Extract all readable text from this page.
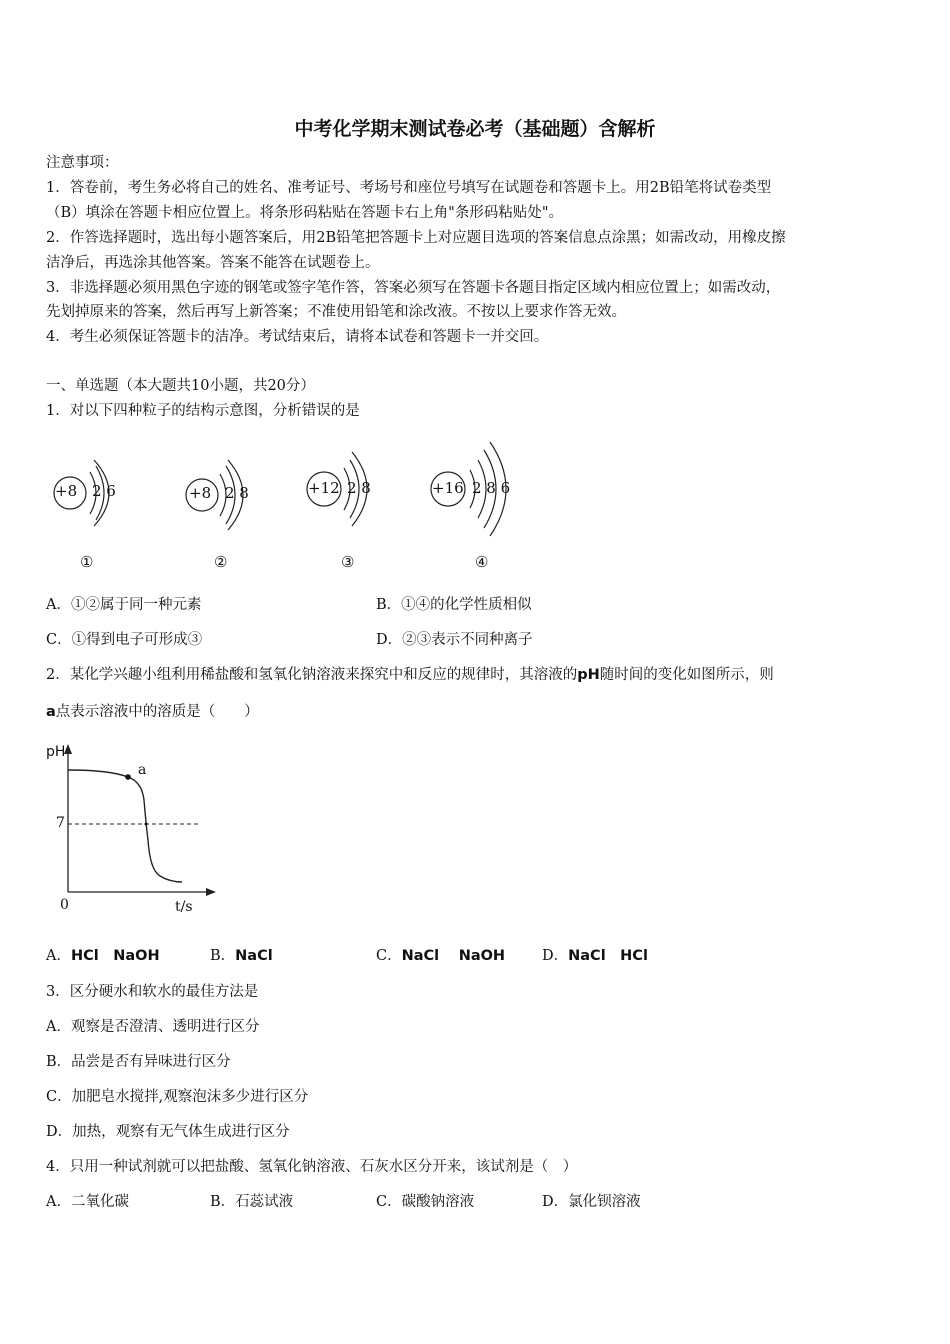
中考化学期末测试卷必考（基础题）含解析
注意事项：
1．答卷前，考生务必将自己的姓名、准考证号、考场号和座位号填写在试题卷和答题卡上。用2B铅笔将试卷类型
（B）填涂在答题卡相应位置上。将条形码粘贴在答题卡右上角"条形码粘贴处"。
2．作答选择题时，选出每小题答案后，用2B铅笔把答题卡上对应题目选项的答案信息点涂黑；如需改动，用橡皮擦
洁净后，再选涂其他答案。答案不能答在试题卷上。
3．非选择题必须用黑色字迹的钢笔或签字笔作答，答案必须写在答题卡各题目指定区域内相应位置上；如需改动，
先划掉原来的答案，然后再写上新答案；不准使用铅笔和涂改液。不按以上要求作答无效。
4．考生必须保证答题卡的洁净。考试结束后，请将本试卷和答题卡一并交回。
一、单选题（本大题共10小题，共20分）
1．对以下四种粒子的结构示意图，分析错误的是
+8 2 6
①
+8 2 8
②
+12 2 8
③
+16 2 8 6
④
A．①②属于同一种元素	B．①④的化学性质相似
C．①得到电子可形成③	D．②③表示不同种离子
2．某化学兴趣小组利用稀盐酸和氢氧化钠溶液来探究中和反应的规律时，其溶液的pH随时间的变化如图所示，则
a点表示溶液中的溶质是（　　）
pH
a
7
0	t/s
A．HCl　NaOH	B．NaCl	C．NaCl　 NaOH	D．NaCl　HCl
3．区分硬水和软水的最佳方法是
A．观察是否澄清、透明进行区分
B．品尝是否有异味进行区分
C．加肥皂水搅拌,观察泡沫多少进行区分
D．加热，观察有无气体生成进行区分
4．只用一种试剂就可以把盐酸、氢氧化钠溶液、石灰水区分开来，该试剂是（　）
A．二氧化碳	B．石蕊试液	C．碳酸钠溶液	D．氯化钡溶液
